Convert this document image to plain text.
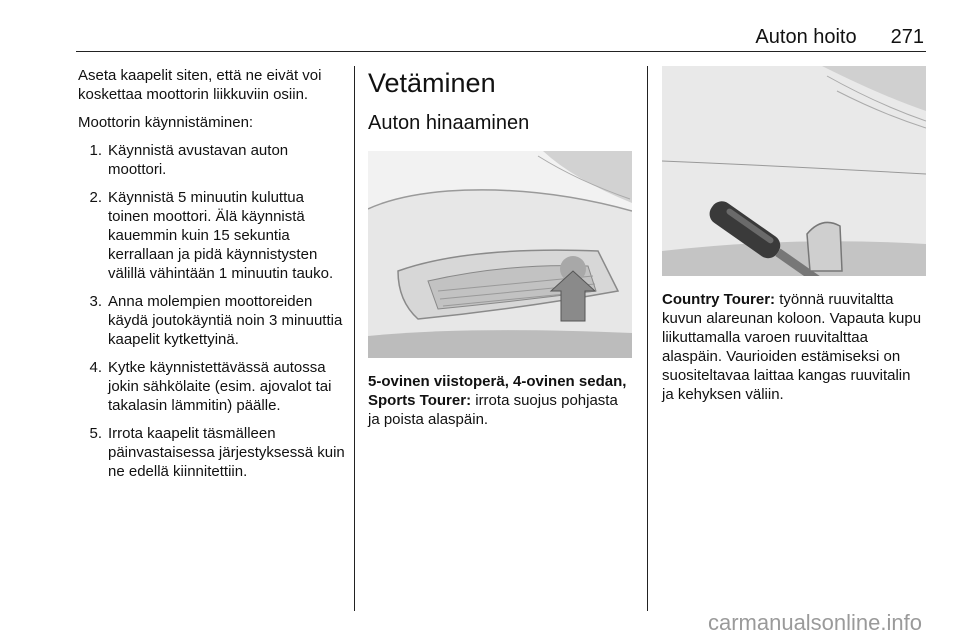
Auton hoito 271

Aseta kaapelit siten, että ne eivät voi koskettaa moottorin liikkuviin osiin.

Moottorin käynnistäminen:

1. Käynnistä avustavan auton moottori.
2. Käynnistä 5 minuutin kuluttua toinen moottori. Älä käynnistä kauemmin kuin 15 sekuntia kerrallaan ja pidä käynnistysten välillä vähintään 1 minuutin tauko.
3. Anna molempien moottoreiden käydä joutokäyntiä noin 3 minuuttia kaapelit kytkettyinä.
4. Kytke käynnistettävässä autossa jokin sähkölaite (esim. ajovalot tai takalasin lämmitin) päälle.
5. Irrota kaapelit täsmälleen päinvastaisessa järjestyksessä kuin ne edellä kiinnitettiin.
Vetäminen
Auton hinaaminen
5-ovinen viistoperä, 4-ovinen sedan, Sports Tourer: irrota suojus pohjasta ja poista alaspäin.
Country Tourer: työnnä ruuvitaltta kuvun alareunan koloon. Vapauta kupu liikuttamalla varoen ruuvitalttaa alaspäin. Vaurioiden estämiseksi on suositeltavaa laittaa kangas ruuvitalin ja kehyksen väliin.
carmanualsonline.info
